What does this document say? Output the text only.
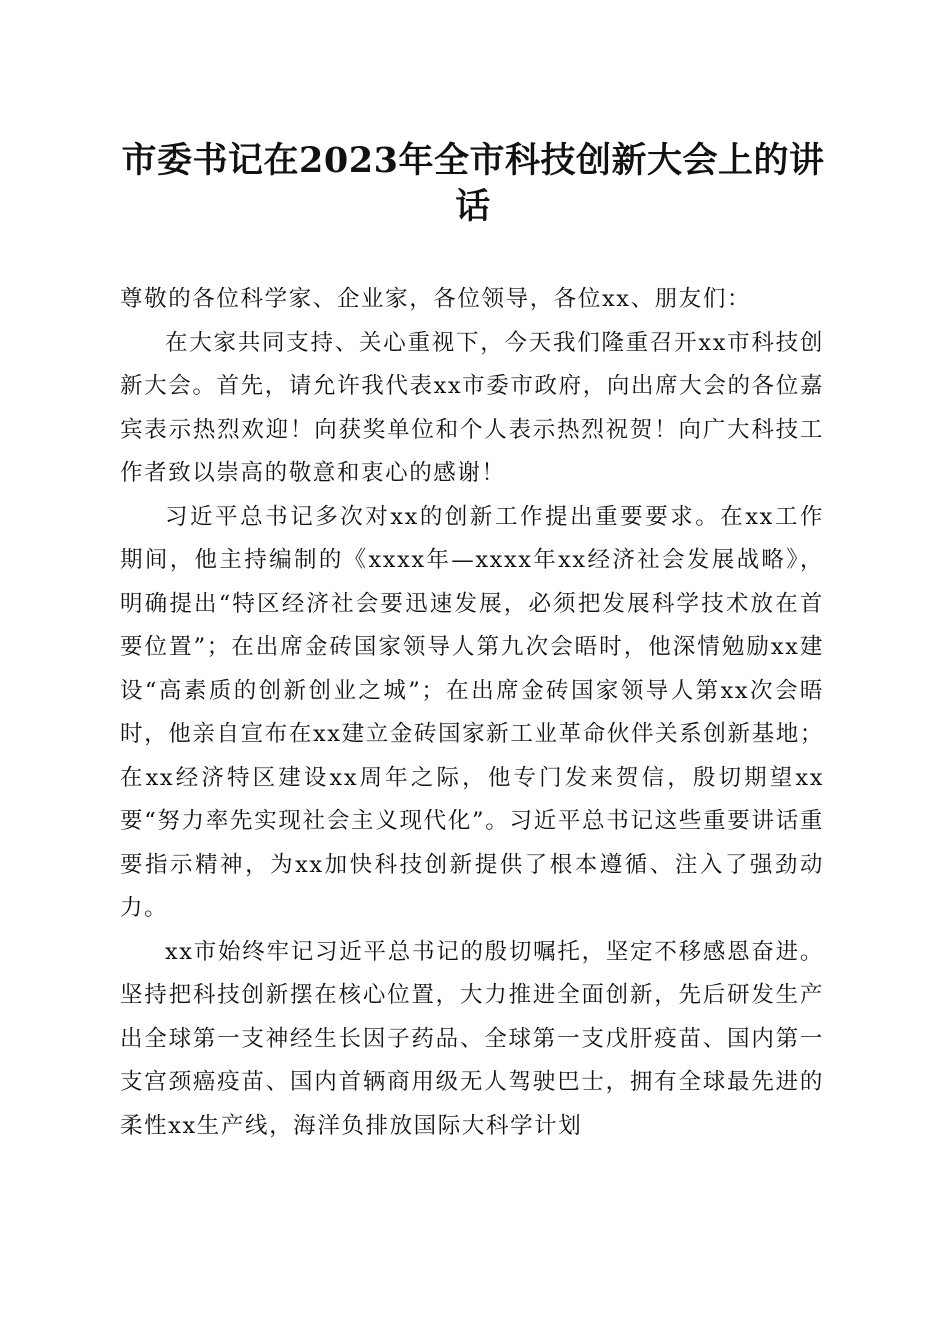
市委书记在2023年全市科技创新大会上的讲话

尊敬的各位科学家、企业家，各位领导，各位xx、朋友们：

在大家共同支持、关心重视下，今天我们隆重召开xx市科技创新大会。首先，请允许我代表xx市委市政府，向出席大会的各位嘉宾表示热烈欢迎！向获奖单位和个人表示热烈祝贺！向广大科技工作者致以崇高的敬意和衷心的感谢！

习近平总书记多次对xx的创新工作提出重要要求。在xx工作期间，他主持编制的《xxxx年—xxxx年xx经济社会发展战略》，明确提出“特区经济社会要迅速发展，必须把发展科学技术放在首要位置”；在出席金砖国家领导人第九次会晤时，他深情勉励xx建设“高素质的创新创业之城”；在出席金砖国家领导人第xx次会晤时，他亲自宣布在xx建立金砖国家新工业革命伙伴关系创新基地；在xx经济特区建设xx周年之际，他专门发来贺信，殷切期望xx要“努力率先实现社会主义现代化”。习近平总书记这些重要讲话重要指示精神，为xx加快科技创新提供了根本遵循、注入了强劲动力。

xx市始终牢记习近平总书记的殷切嘱托，坚定不移感恩奋进。坚持把科技创新摆在核心位置，大力推进全面创新，先后研发生产出全球第一支神经生长因子药品、全球第一支戊肝疫苗、国内第一支宫颈癌疫苗、国内首辆商用级无人驾驶巴士，拥有全球最先进的柔性xx生产线，海洋负排放国际大科学计划
